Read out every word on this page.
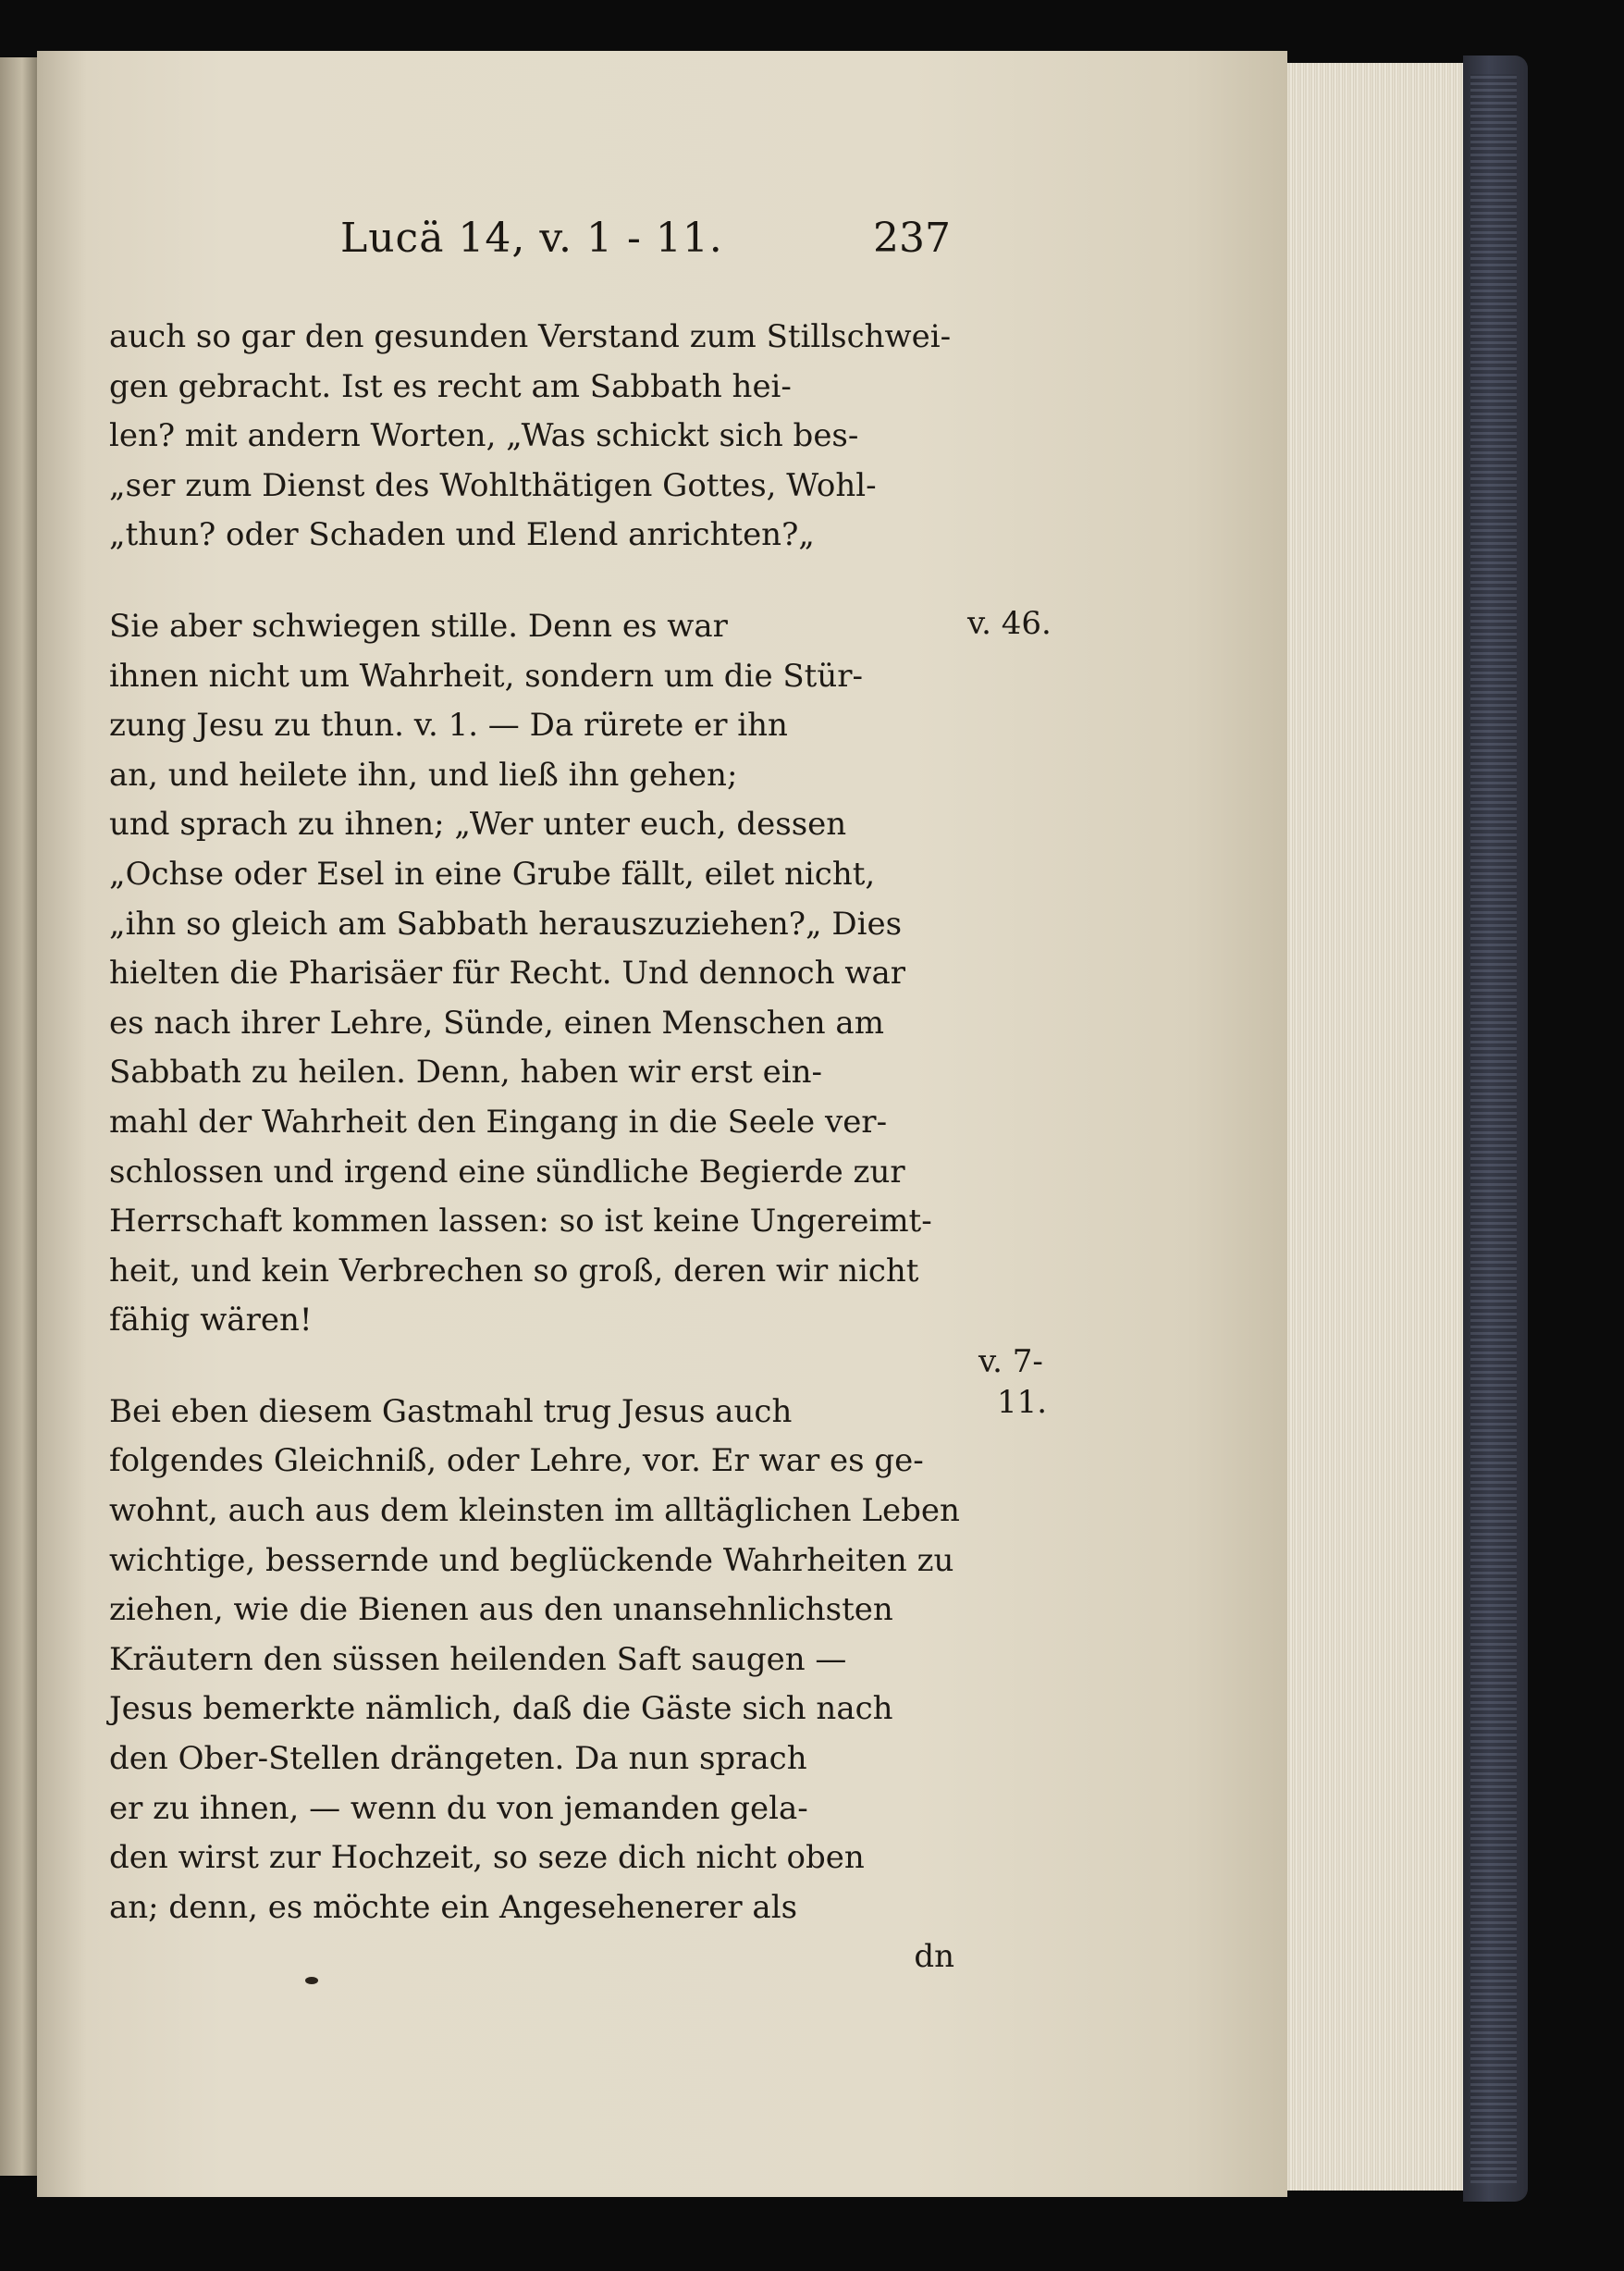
Lucä 14, v. 1 - 11.	237
auch so gar den gesunden Verstand zum Stillschwei-
gen gebracht. Ist es recht am Sabbath hei-
len? mit andern Worten, „Was schickt sich bes-
„ser zum Dienst des Wohlthätigen Gottes, Wohl-
„thun? oder Schaden und Elend anrichten?„
Sie aber schwiegen stille. Denn es war
ihnen nicht um Wahrheit, sondern um die Stür-
zung Jesu zu thun. v. 1. — Da rürete er ihn
an, und heilete ihn, und ließ ihn gehen;
und sprach zu ihnen; „Wer unter euch, dessen
„Ochse oder Esel in eine Grube fällt, eilet nicht,
„ihn so gleich am Sabbath herauszuziehen?„ Dies
hielten die Pharisäer für Recht. Und dennoch war
es nach ihrer Lehre, Sünde, einen Menschen am
Sabbath zu heilen. Denn, haben wir erst ein-
mahl der Wahrheit den Eingang in die Seele ver-
schlossen und irgend eine sündliche Begierde zur
Herrschaft kommen lassen: so ist keine Ungereimt-
heit, und kein Verbrechen so groß, deren wir nicht
fähig wären!
Bei eben diesem Gastmahl trug Jesus auch
folgendes Gleichniß, oder Lehre, vor. Er war es ge-
wohnt, auch aus dem kleinsten im alltäglichen Leben
wichtige, bessernde und beglückende Wahrheiten zu
ziehen, wie die Bienen aus den unansehnlichsten
Kräutern den süssen heilenden Saft saugen —
Jesus bemerkte nämlich, daß die Gäste sich nach
den Ober-Stellen drängeten. Da nun sprach
er zu ihnen, — wenn du von jemanden gela-
den wirst zur Hochzeit, so seze dich nicht oben
an; denn, es möchte ein Angesehenerer als
dn
v. 46.
v. 7-
11.
